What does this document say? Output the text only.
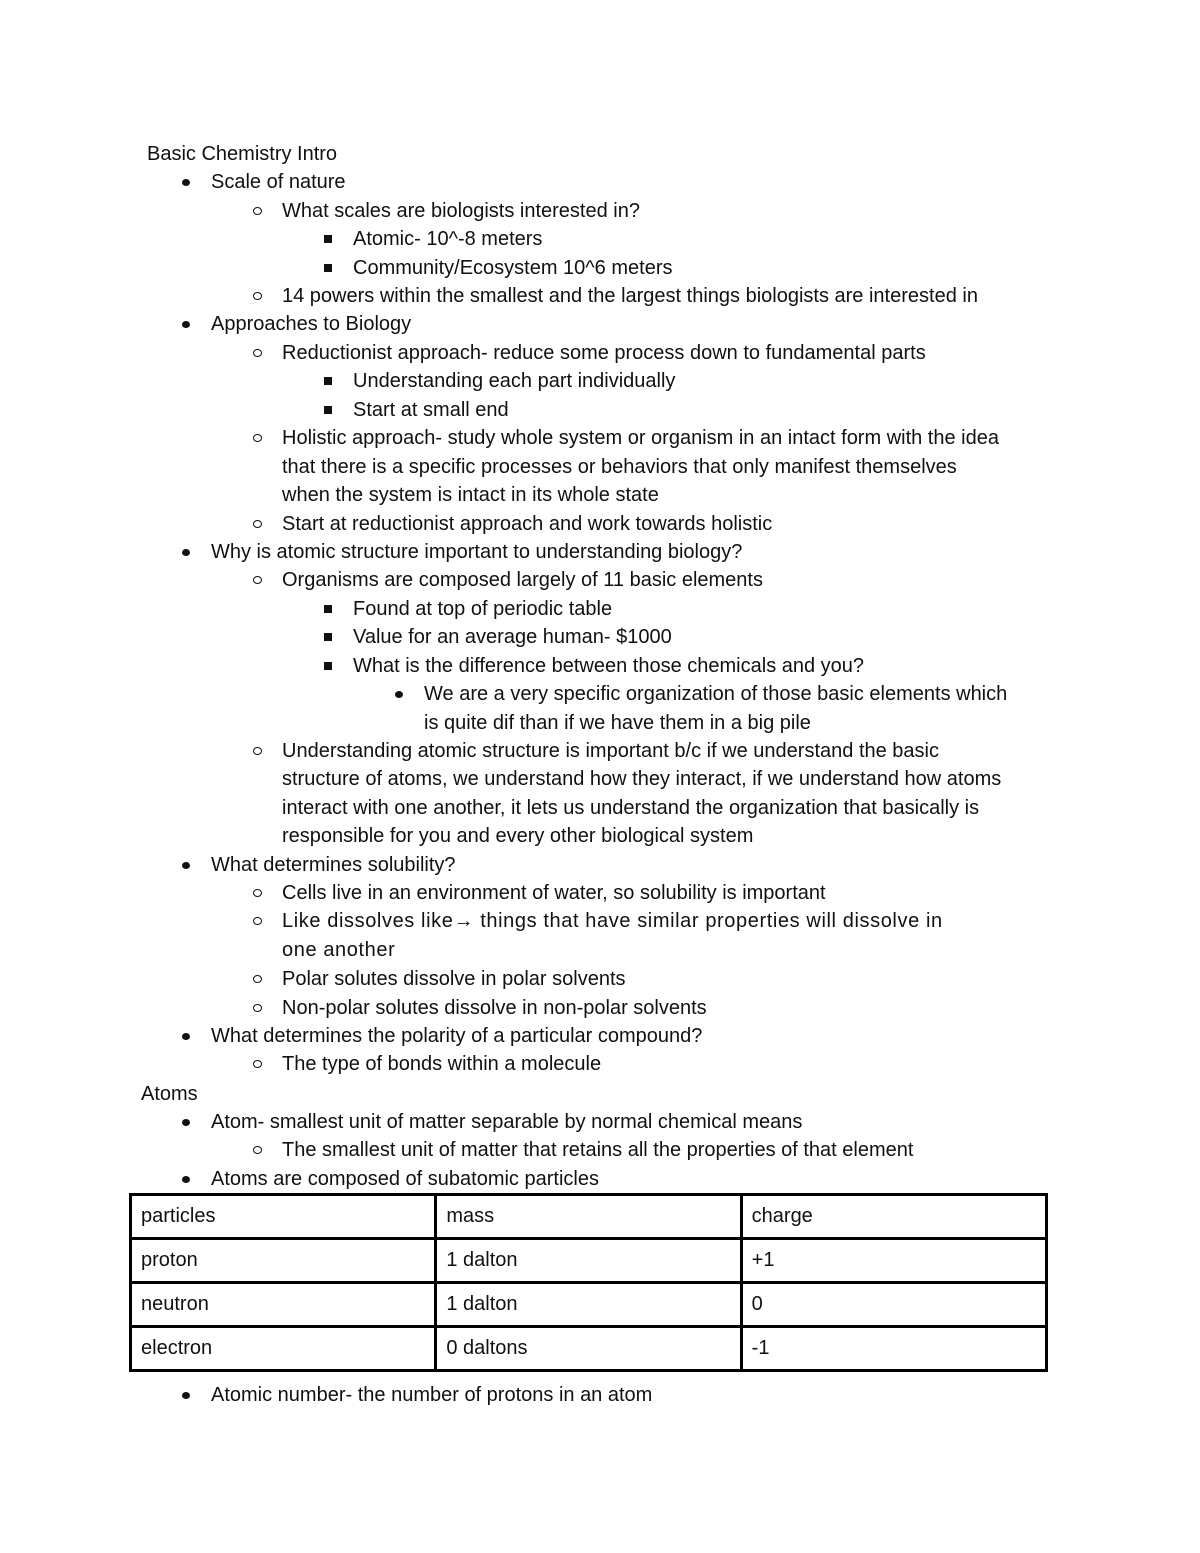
Basic Chemistry Intro
Scale of nature
What scales are biologists interested in?
Atomic- 10^-8 meters
Community/Ecosystem 10^6 meters
14 powers within the smallest and the largest things biologists are interested in
Approaches to Biology
Reductionist approach- reduce some process down to fundamental parts
Understanding each part individually
Start at small end
Holistic approach- study whole system or organism in an intact form with the idea
that there is a specific processes or behaviors that only manifest themselves
when the system is intact in its whole state
Start at reductionist approach and work towards holistic
Why is atomic structure important to understanding biology?
Organisms are composed largely of 11 basic elements
Found at top of periodic table
Value for an average human- $1000
What is the difference between those chemicals and you?
We are a very specific organization of those basic elements which
is quite dif than if we have them in a big pile
Understanding atomic structure is important b/c if we understand the basic
structure of atoms, we understand how they interact, if we understand how atoms
interact with one another, it lets us understand the organization that basically is
responsible for you and every other biological system
What determines solubility?
Cells live in an environment of water, so solubility is important
Like dissolves like→ things that have similar properties will dissolve in
one another
Polar solutes dissolve in polar solvents
Non-polar solutes dissolve in non-polar solvents
What determines the polarity of a particular compound?
The type of bonds within a molecule
Atoms
Atom- smallest unit of matter separable by normal chemical means
The smallest unit of matter that retains all the properties of that element
Atoms are composed of subatomic particles
particles	mass	charge
proton	1 dalton	+1
neutron	1 dalton	0
electron	0 daltons	-1
Atomic number- the number of protons in an atom
